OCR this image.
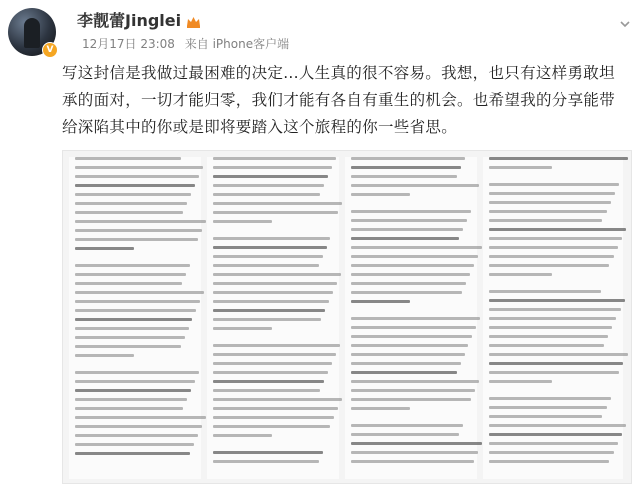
V
李靓蕾Jinglei
12月17日 23:08 来自 iPhone客户端
写这封信是我做过最困难的决定...人生真的很不容易。我想，也只有这样勇敢坦承的面对，一切才能归零，我们才能有各自有重生的机会。也希望我的分享能带给深陷其中的你或是即将要踏入这个旅程的你一些省思。
